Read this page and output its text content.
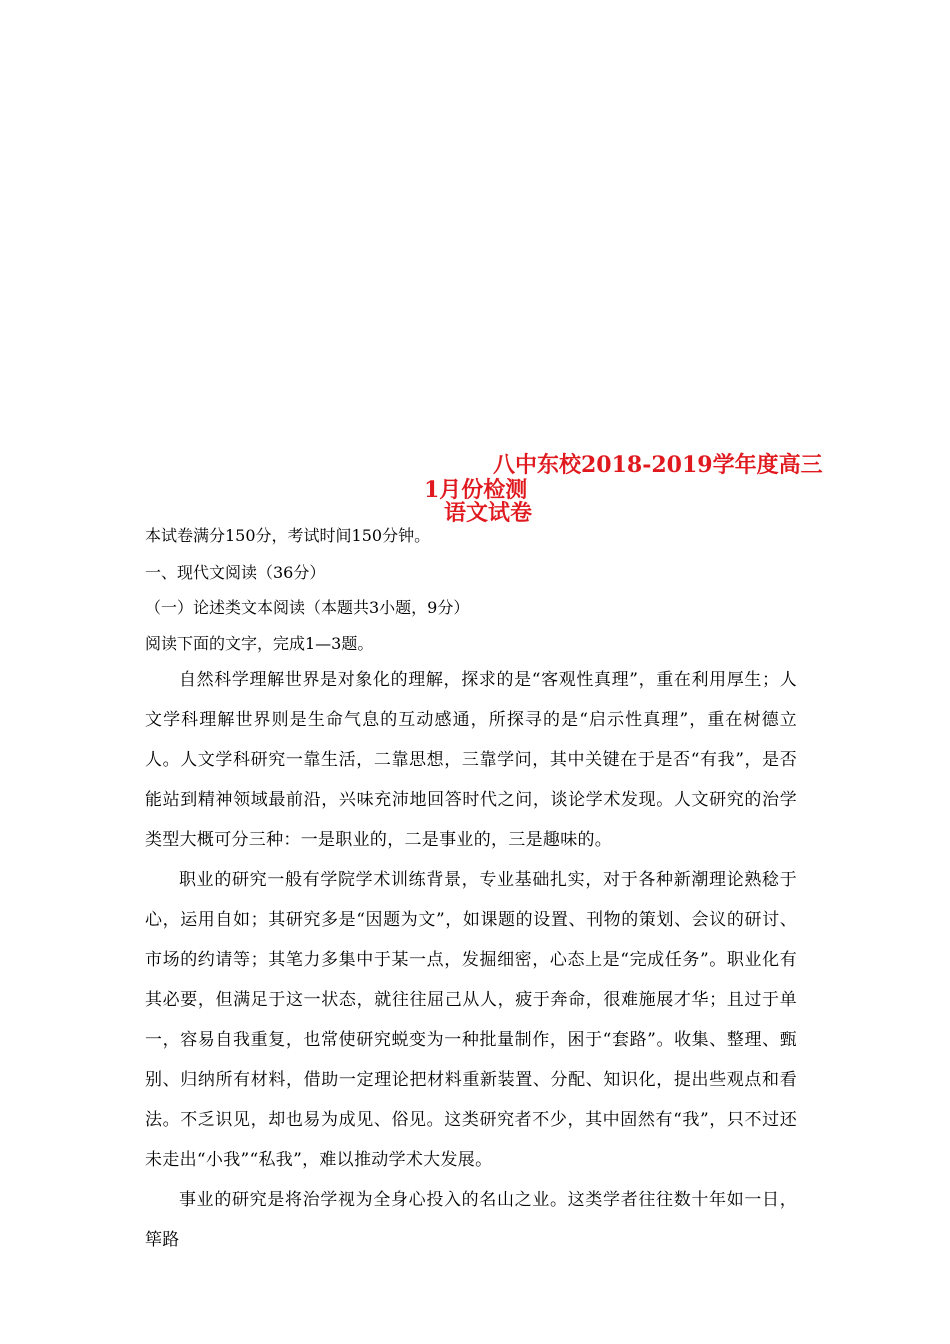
八中东校2018-2019学年度高三
1月份检测
语文试卷
本试卷满分150分，考试时间150分钟。
一、现代文阅读（36分）
（一）论述类文本阅读（本题共3小题，9分）
阅读下面的文字，完成1—3题。
自然科学理解世界是对象化的理解，探求的是“客观性真理”，重在利用厚生；人文学科理解世界则是生命气息的互动感通，所探寻的是“启示性真理”，重在树德立人。人文学科研究一靠生活，二靠思想，三靠学问，其中关键在于是否“有我”，是否能站到精神领域最前沿，兴味充沛地回答时代之问，谈论学术发现。人文研究的治学类型大概可分三种：一是职业的，二是事业的，三是趣味的。
职业的研究一般有学院学术训练背景，专业基础扎实，对于各种新潮理论熟稔于心，运用自如；其研究多是“因题为文”，如课题的设置、刊物的策划、会议的研讨、市场的约请等；其笔力多集中于某一点，发掘细密，心态上是“完成任务”。职业化有其必要，但满足于这一状态，就往往屈己从人，疲于奔命，很难施展才华；且过于单一，容易自我重复，也常使研究蜕变为一种批量制作，困于“套路”。收集、整理、甄别、归纳所有材料，借助一定理论把材料重新装置、分配、知识化，提出些观点和看法。不乏识见，却也易为成见、俗见。这类研究者不少，其中固然有“我”，只不过还未走出“小我”“私我”，难以推动学术大发展。
事业的研究是将治学视为全身心投入的名山之业。这类学者往往数十年如一日，筚路
